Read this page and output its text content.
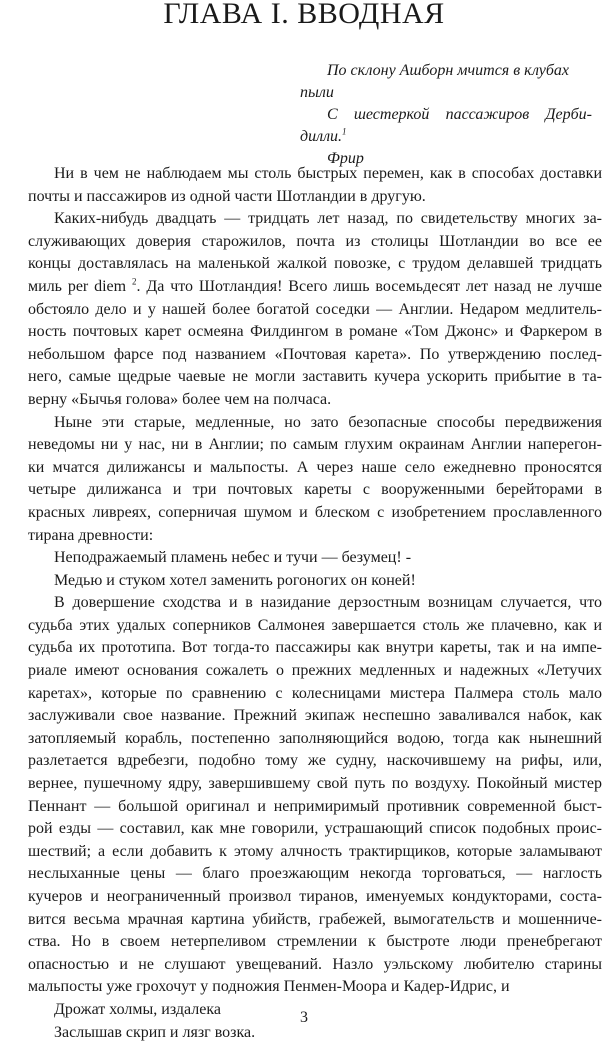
ГЛАВА I. ВВОДНАЯ
По склону Ашборн мчится в клубах
пыли
С шестеркой пассажиров Дерби-
дилли.$^1$
Фрир
Ни в чем не наблюдаем мы столь быстрых перемен, как в способах доставки
почты и пассажиров из одной части Шотландии в другую.
Каких-нибудь двадцать — тридцать лет назад, по свидетельству многих за-
служивающих доверия старожилов, почта из столицы Шотландии во все ее
концы доставлялась на маленькой жалкой повозке, с трудом делавшей тридцать
миль per diem $^2$. Да что Шотландия! Всего лишь восемьдесят лет назад не лучше
обстояло дело и у нашей более богатой соседки — Англии. Недаром медлитель-
ность почтовых карет осмеяна Филдингом в романе «Том Джонс» и Фаркером в
небольшом фарсе под названием «Почтовая карета». По утверждению послед-
него, самые щедрые чаевые не могли заставить кучера ускорить прибытие в та-
верну «Бычья голова» более чем на полчаса.
Ныне эти старые, медленные, но зато безопасные способы передвижения
неведомы ни у нас, ни в Англии; по самым глухим окраинам Англии наперегон-
ки мчатся дилижансы и мальпосты. А через наше село ежедневно проносятся
четыре дилижанса и три почтовых кареты с вооруженными берейторами в
красных ливреях, соперничая шумом и блеском с изобретением прославленного
тирана древности:
Неподражаемый пламень небес и тучи — безумец! -
Медью и стуком хотел заменить рогоногих он коней!
В довершение сходства и в назидание дерзостным возницам случается, что
судьба этих удалых соперников Салмонея завершается столь же плачевно, как и
судьба их прототипа. Вот тогда-то пассажиры как внутри кареты, так и на импе-
риале имеют основания сожалеть о прежних медленных и надежных «Летучих
каретах», которые по сравнению с колесницами мистера Палмера столь мало
заслуживали свое название. Прежний экипаж неспешно заваливался набок, как
затопляемый корабль, постепенно заполняющийся водою, тогда как нынешний
разлетается вдребезги, подобно тому же судну, наскочившему на рифы, или,
вернее, пушечному ядру, завершившему свой путь по воздуху. Покойный мистер
Пеннант — большой оригинал и непримиримый противник современной быст-
рой езды — составил, как мне говорили, устрашающий список подобных проис-
шествий; а если добавить к этому алчность трактирщиков, которые заламывают
неслыханные цены — благо проезжающим некогда торговаться, — наглость
кучеров и неограниченный произвол тиранов, именуемых кондукторами, соста-
вится весьма мрачная картина убийств, грабежей, вымогательств и мошенниче-
ства. Но в своем нетерпеливом стремлении к быстроте люди пренебрегают
опасностью и не слушают увещеваний. Назло уэльскому любителю старины
мальпосты уже грохочут у подножия Пенмен-Моора и Кадер-Идрис, и
Дрожат холмы, издалека
Заслышав скрип и лязг возка.
3
